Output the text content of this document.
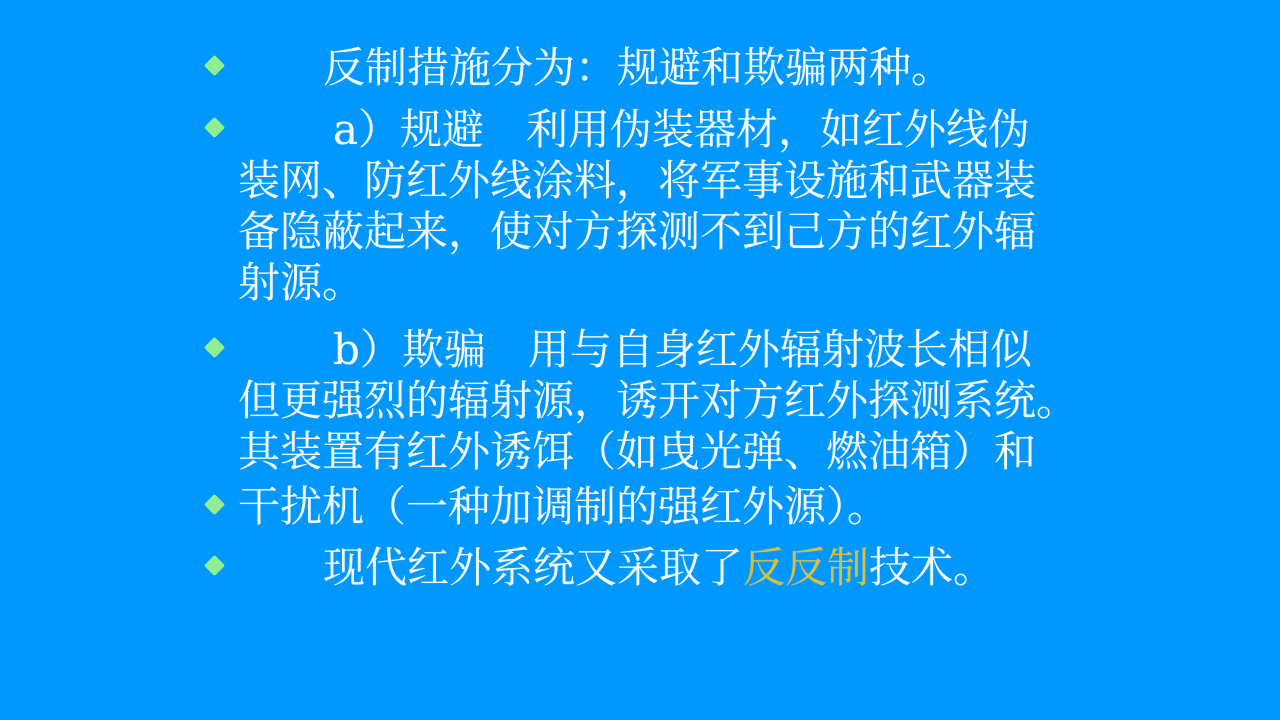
反制措施分为：规避和欺骗两种。
a）规避　利用伪装器材，如红外线伪
装网、防红外线涂料，将军事设施和武器装
备隐蔽起来，使对方探测不到己方的红外辐
射源。
b）欺骗　用与自身红外辐射波长相似
但更强烈的辐射源，诱开对方红外探测系统。
其装置有红外诱饵（如曳光弹、燃油箱）和
干扰机（一种加调制的强红外源）。
现代红外系统又采取了反反制技术。
